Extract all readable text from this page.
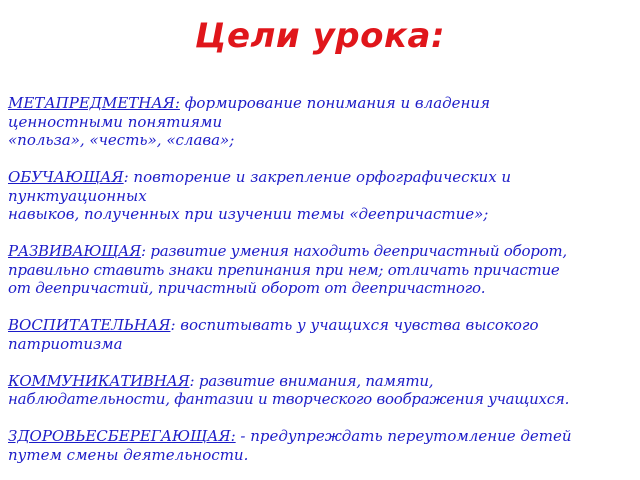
Цели урока:
МЕТАПРЕДМЕТНАЯ: формирование понимания и владения
ценностными понятиями
«польза», «честь», «слава»;
ОБУЧАЮЩАЯ: повторение и закрепление орфографических и
пунктуационных
навыков, полученных при изучении темы «деепричастие»;
РАЗВИВАЮЩАЯ: развитие умения находить деепричастный оборот,
правильно ставить знаки препинания при нем; отличать причастие
от деепричастий, причастный оборот от деепричастного.
ВОСПИТАТЕЛЬНАЯ: воспитывать у учащихся чувства высокого
патриотизма
КОММУНИКАТИВНАЯ: развитие внимания, памяти,
наблюдательности, фантазии и творческого воображения учащихся.
ЗДОРОВЬЕСБЕРЕГАЮЩАЯ: - предупреждать переутомление детей
путем смены деятельности.
